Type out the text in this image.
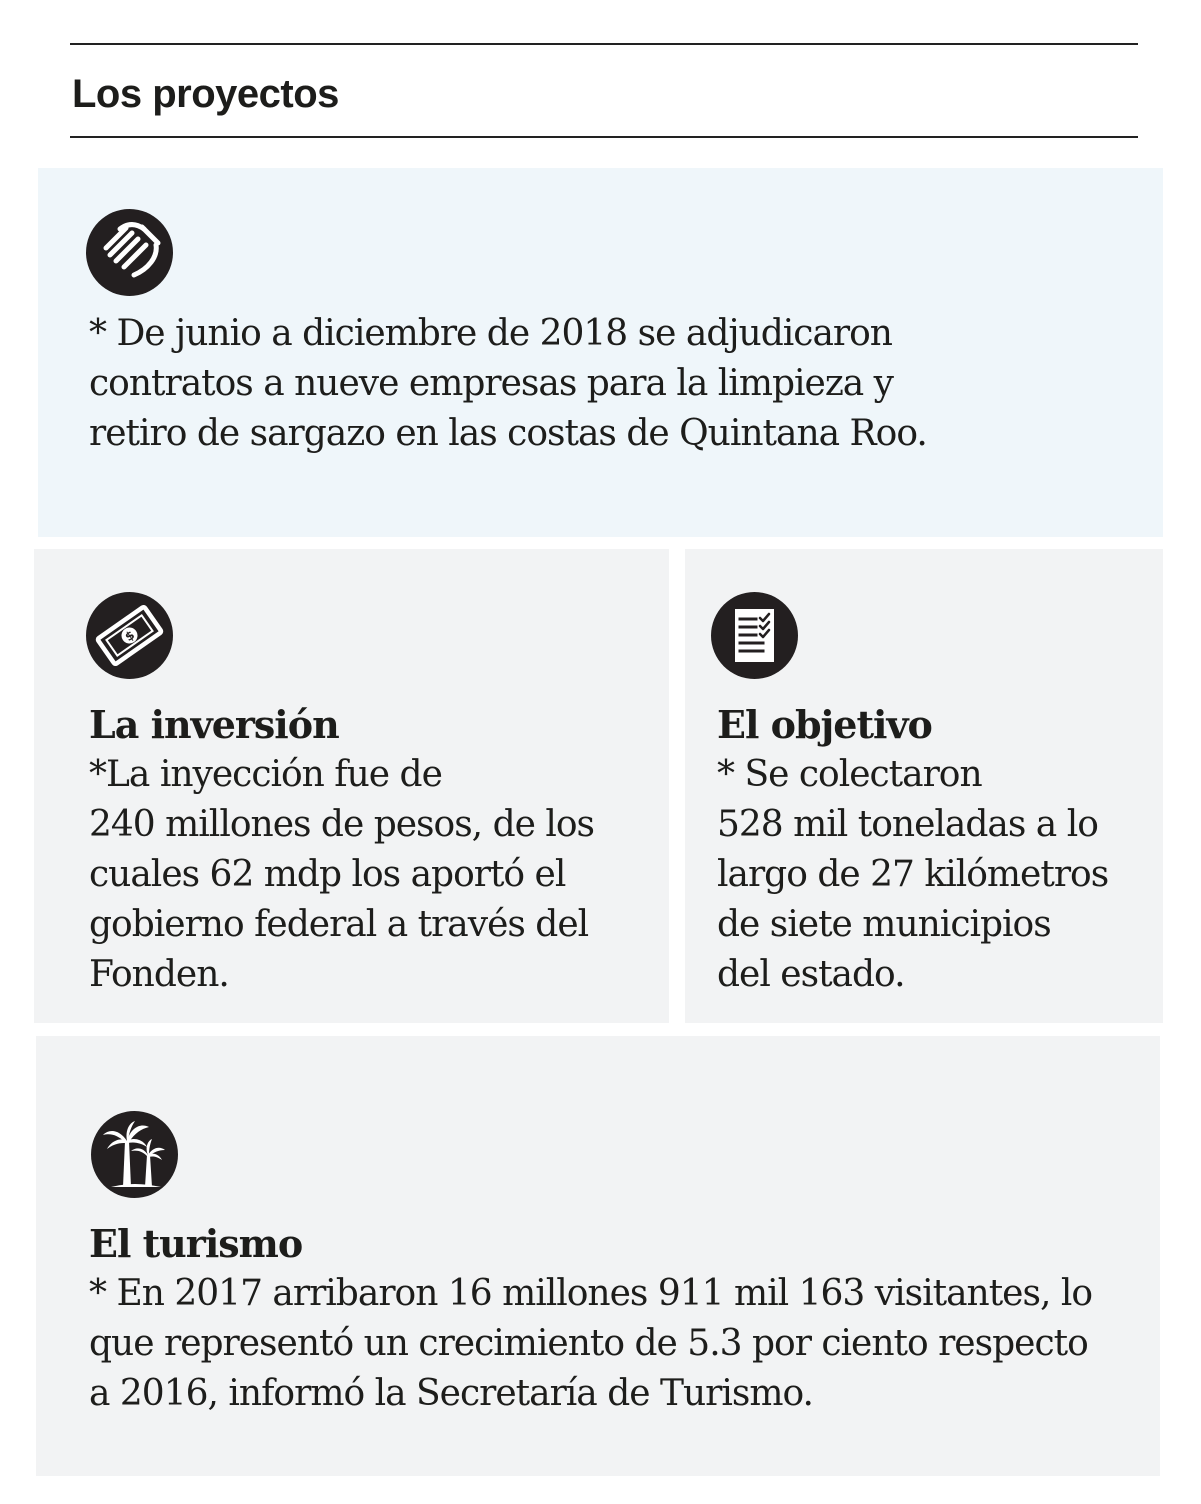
Los proyectos

* De junio a diciembre de 2018 se adjudicaron
contratos a nueve empresas para la limpieza y
retiro de sargazo en las costas de Quintana Roo.

$
La inversión

*La inyección fue de
240 millones de pesos, de los
cuales 62 mdp los aportó el
gobierno federal a través del
Fonden.

El objetivo

* Se colectaron
528 mil toneladas a lo
largo de 27 kilómetros
de siete municipios
del estado.

El turismo

* En 2017 arribaron 16 millones 911 mil 163 visitantes, lo
que representó un crecimiento de 5.3 por ciento respecto
a 2016, informó la Secretaría de Turismo.
